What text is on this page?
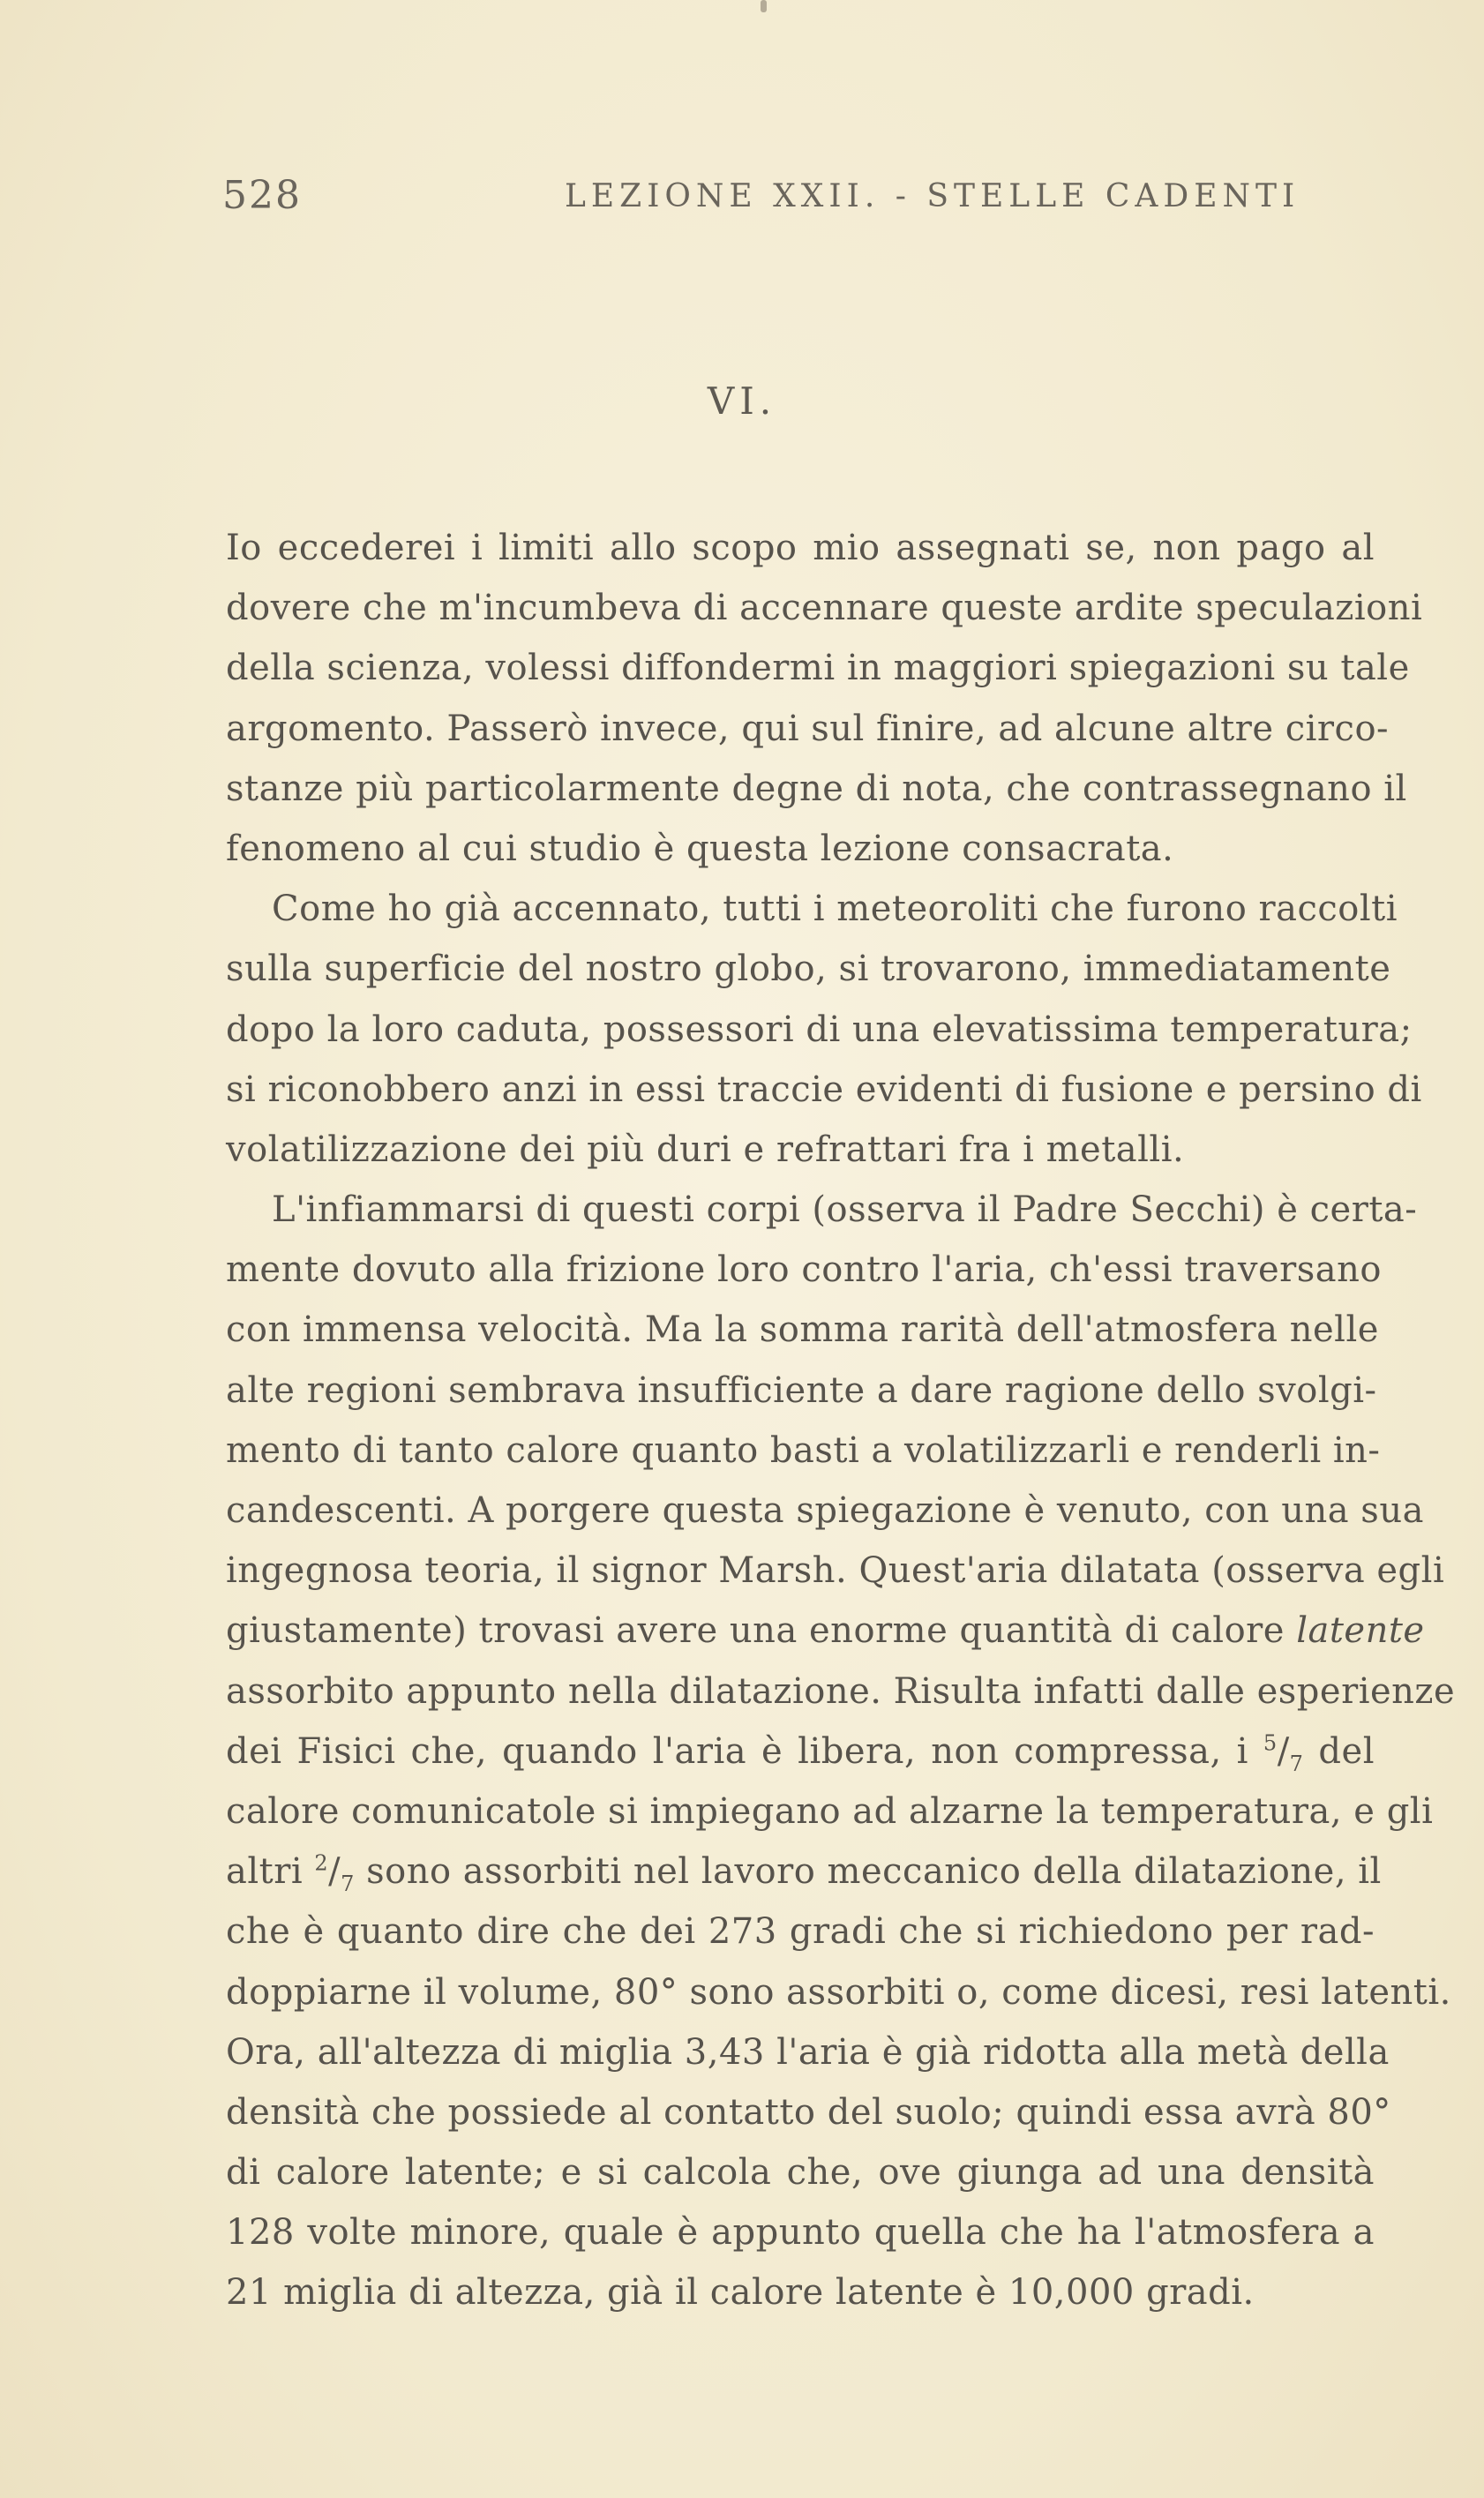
528	LEZIONE XXII. - STELLE CADENTI
VI.
Io eccederei i limiti allo scopo mio assegnati se, non pago al
dovere che m'incumbeva di accennare queste ardite speculazioni
della scienza, volessi diffondermi in maggiori spiegazioni su tale
argomento. Passerò invece, qui sul finire, ad alcune altre circo-
stanze più particolarmente degne di nota, che contrassegnano il
fenomeno al cui studio è questa lezione consacrata.
Come ho già accennato, tutti i meteoroliti che furono raccolti
sulla superficie del nostro globo, si trovarono, immediatamente
dopo la loro caduta, possessori di una elevatissima temperatura;
si riconobbero anzi in essi traccie evidenti di fusione e persino di
volatilizzazione dei più duri e refrattari fra i metalli.
L'infiammarsi di questi corpi (osserva il Padre Secchi) è certa-
mente dovuto alla frizione loro contro l'aria, ch'essi traversano
con immensa velocità. Ma la somma rarità dell'atmosfera nelle
alte regioni sembrava insufficiente a dare ragione dello svolgi-
mento di tanto calore quanto basti a volatilizzarli e renderli in-
candescenti. A porgere questa spiegazione è venuto, con una sua
ingegnosa teoria, il signor Marsh. Quest'aria dilatata (osserva egli
giustamente) trovasi avere una enorme quantità di calore latente
assorbito appunto nella dilatazione. Risulta infatti dalle esperienze
dei Fisici che, quando l'aria è libera, non compressa, i $^5/_7$ del
calore comunicatole si impiegano ad alzarne la temperatura, e gli
altri $^2/_7$ sono assorbiti nel lavoro meccanico della dilatazione, il
che è quanto dire che dei 273 gradi che si richiedono per rad-
doppiarne il volume, 80° sono assorbiti o, come dicesi, resi latenti.
Ora, all'altezza di miglia 3,43 l'aria è già ridotta alla metà della
densità che possiede al contatto del suolo; quindi essa avrà 80°
di calore latente; e si calcola che, ove giunga ad una densità
128 volte minore, quale è appunto quella che ha l'atmosfera a
21 miglia di altezza, già il calore latente è 10,000 gradi.
